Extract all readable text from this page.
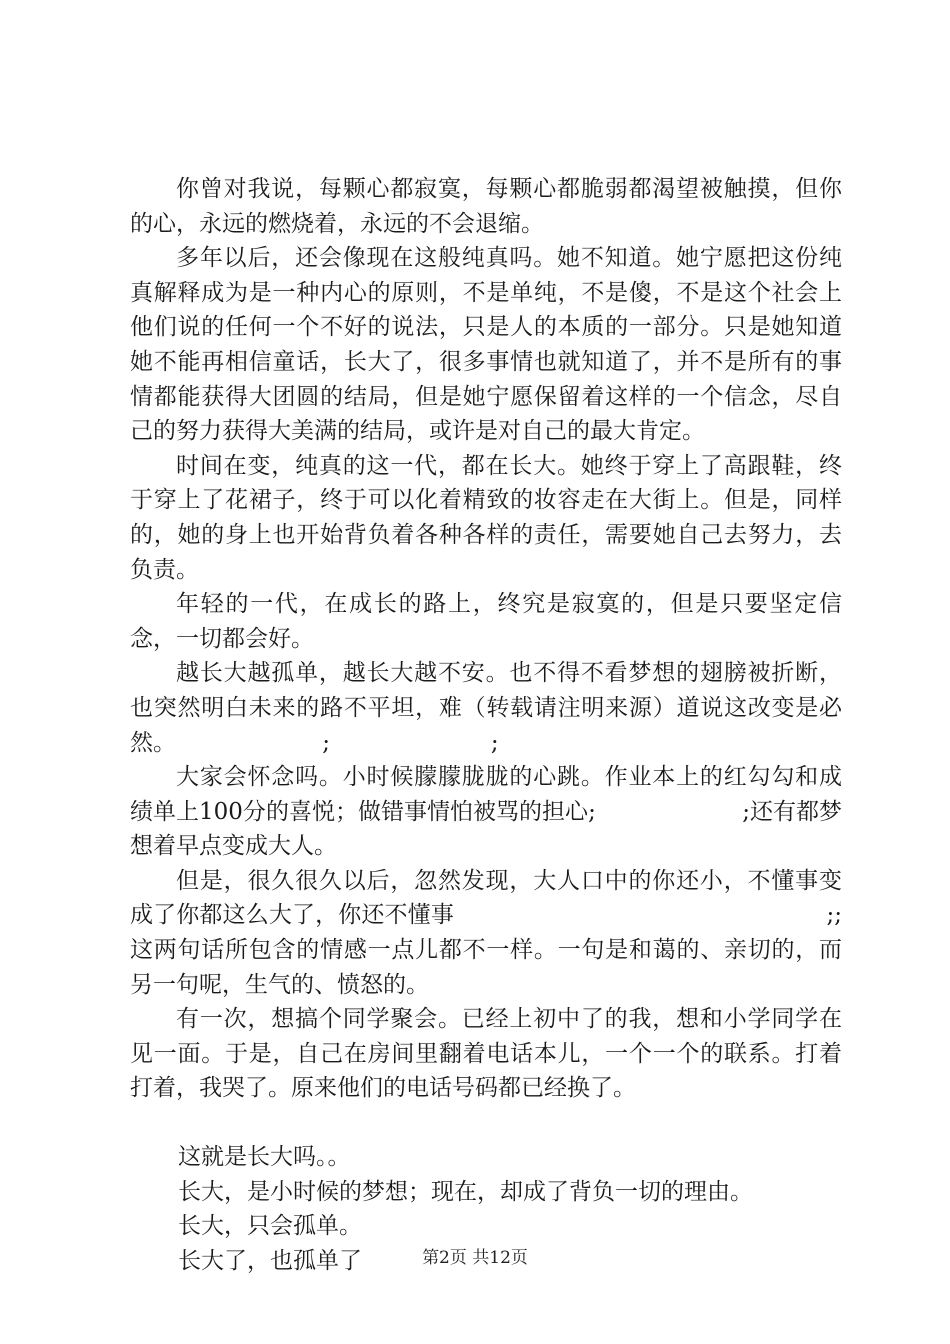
你曾对我说，每颗心都寂寞，每颗心都脆弱都渴望被触摸，但你的心，永远的燃烧着，永远的不会退缩。

多年以后，还会像现在这般纯真吗。她不知道。她宁愿把这份纯真解释成为是一种内心的原则，不是单纯，不是傻，不是这个社会上他们说的任何一个不好的说法，只是人的本质的一部分。只是她知道她不能再相信童话，长大了，很多事情也就知道了，并不是所有的事情都能获得大团圆的结局，但是她宁愿保留着这样的一个信念，尽自己的努力获得大美满的结局，或许是对自己的最大肯定。

时间在变，纯真的这一代，都在长大。她终于穿上了高跟鞋，终于穿上了花裙子，终于可以化着精致的妆容走在大街上。但是，同样的，她的身上也开始背负着各种各样的责任，需要她自己去努力，去负责。

年轻的一代，在成长的路上，终究是寂寞的，但是只要坚定信念，一切都会好。

越长大越孤单，越长大越不安。也不得不看梦想的翅膀被折断，也突然明白未来的路不平坦，难（转载请注明来源）道说这改变是必然。                    ;                      ;

大家会怀念吗。小时候朦朦胧胧的心跳。作业本上的红勾勾和成绩单上100分的喜悦；做错事情怕被骂的担心;                    ;还有都梦想着早点变成大人。

但是，很久很久以后，忽然发现，大人口中的你还小，不懂事变成了你都这么大了，你还不懂事                                                  ;;这两句话所包含的情感一点儿都不一样。一句是和蔼的、亲切的，而另一句呢，生气的、愤怒的。

有一次，想搞个同学聚会。已经上初中了的我，想和小学同学在见一面。于是，自己在房间里翻着电话本儿，一个一个的联系。打着打着，我哭了。原来他们的电话号码都已经换了。

这就是长大吗。。

长大，是小时候的梦想；现在，却成了背负一切的理由。

长大，只会孤单。

长大了，也孤单了	第2页 共12页
